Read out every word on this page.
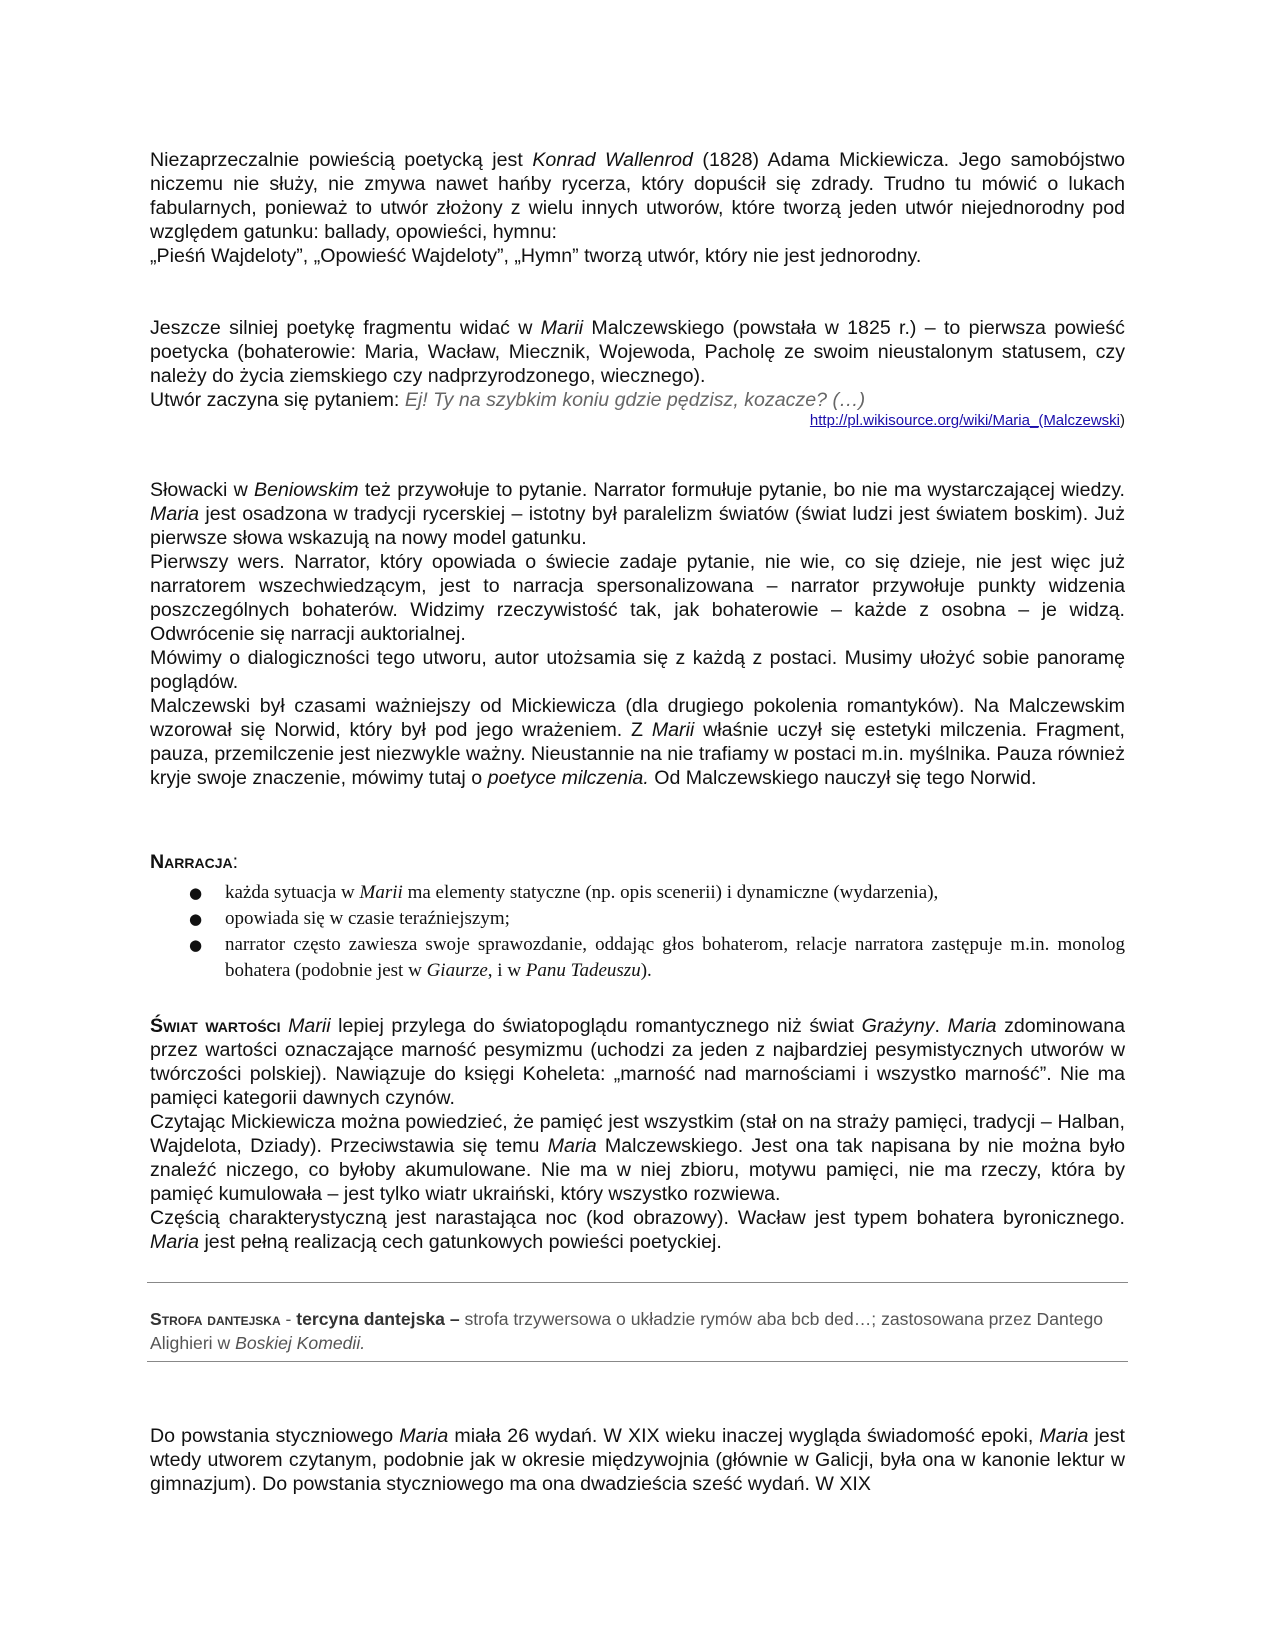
Niezaprzeczalnie powieścią poetycką jest Konrad Wallenrod (1828) Adama Mickiewicza. Jego samobójstwo niczemu nie służy, nie zmywa nawet hańby rycerza, który dopuścił się zdrady. Trudno tu mówić o lukach fabularnych, ponieważ to utwór złożony z wielu innych utworów, które tworzą jeden utwór niejednorodny pod względem gatunku: ballady, opowieści, hymnu:

„Pieśń Wajdeloty”, „Opowieść Wajdeloty”, „Hymn” tworzą utwór, który nie jest jednorodny.

Jeszcze silniej poetykę fragmentu widać w Marii Malczewskiego (powstała w 1825 r.) – to pierwsza powieść poetycka (bohaterowie: Maria, Wacław, Miecznik, Wojewoda, Pacholę ze swoim nieustalonym statusem, czy należy do życia ziemskiego czy nadprzyrodzonego, wiecznego).

Utwór zaczyna się pytaniem: Ej! Ty na szybkim koniu gdzie pędzisz, kozacze? (…)

http://pl.wikisource.org/wiki/Maria_(Malczewski)

Słowacki w Beniowskim też przywołuje to pytanie. Narrator formułuje pytanie, bo nie ma wystarczającej wiedzy. Maria jest osadzona w tradycji rycerskiej – istotny był paralelizm światów (świat ludzi jest światem boskim). Już pierwsze słowa wskazują na nowy model gatunku.

Pierwszy wers. Narrator, który opowiada o świecie zadaje pytanie, nie wie, co się dzieje, nie jest więc już narratorem wszechwiedzącym, jest to narracja spersonalizowana – narrator przywołuje punkty widzenia poszczególnych bohaterów. Widzimy rzeczywistość tak, jak bohaterowie – każde z osobna – je widzą. Odwrócenie się narracji auktorialnej.

Mówimy o dialogiczności tego utworu, autor utożsamia się z każdą z postaci. Musimy ułożyć sobie panoramę poglądów.

Malczewski był czasami ważniejszy od Mickiewicza (dla drugiego pokolenia romantyków). Na Malczewskim wzorował się Norwid, który był pod jego wrażeniem. Z Marii właśnie uczył się estetyki milczenia. Fragment, pauza, przemilczenie jest niezwykle ważny. Nieustannie na nie trafiamy w postaci m.in. myślnika. Pauza również kryje swoje znaczenie, mówimy tutaj o poetyce milczenia. Od Malczewskiego nauczył się tego Norwid.

Narracja:

● każda sytuacja w Marii ma elementy statyczne (np. opis scenerii) i dynamiczne (wydarzenia),
● opowiada się w czasie teraźniejszym;
● narrator często zawiesza swoje sprawozdanie, oddając głos bohaterom, relacje narratora zastępuje m.in. monolog bohatera (podobnie jest w Giaurze, i w Panu Tadeuszu).

Świat wartości Marii lepiej przylega do światopoglądu romantycznego niż świat Grażyny. Maria zdominowana przez wartości oznaczające marność pesymizmu (uchodzi za jeden z najbardziej pesymistycznych utworów w twórczości polskiej). Nawiązuje do księgi Koheleta: „marność nad marnościami i wszystko marność”. Nie ma pamięci kategorii dawnych czynów.

Czytając Mickiewicza można powiedzieć, że pamięć jest wszystkim (stał on na straży pamięci, tradycji – Halban, Wajdelota, Dziady). Przeciwstawia się temu Maria Malczewskiego. Jest ona tak napisana by nie można było znaleźć niczego, co byłoby akumulowane. Nie ma w niej zbioru, motywu pamięci, nie ma rzeczy, która by pamięć kumulowała – jest tylko wiatr ukraiński, który wszystko rozwiewa.

Częścią charakterystyczną jest narastająca noc (kod obrazowy). Wacław jest typem bohatera byronicznego. Maria jest pełną realizacją cech gatunkowych powieści poetyckiej.

Strofa dantejska - tercyna dantejska – strofa trzywersowa o układzie rymów aba bcb ded…; zastosowana przez Dantego Alighieri w Boskiej Komedii.

Do powstania styczniowego Maria miała 26 wydań. W XIX wieku inaczej wygląda świadomość epoki, Maria jest wtedy utworem czytanym, podobnie jak w okresie międzywojnia (głównie w Galicji, była ona w kanonie lektur w gimnazjum). Do powstania styczniowego ma ona dwadzieścia sześć wydań. W XIX
